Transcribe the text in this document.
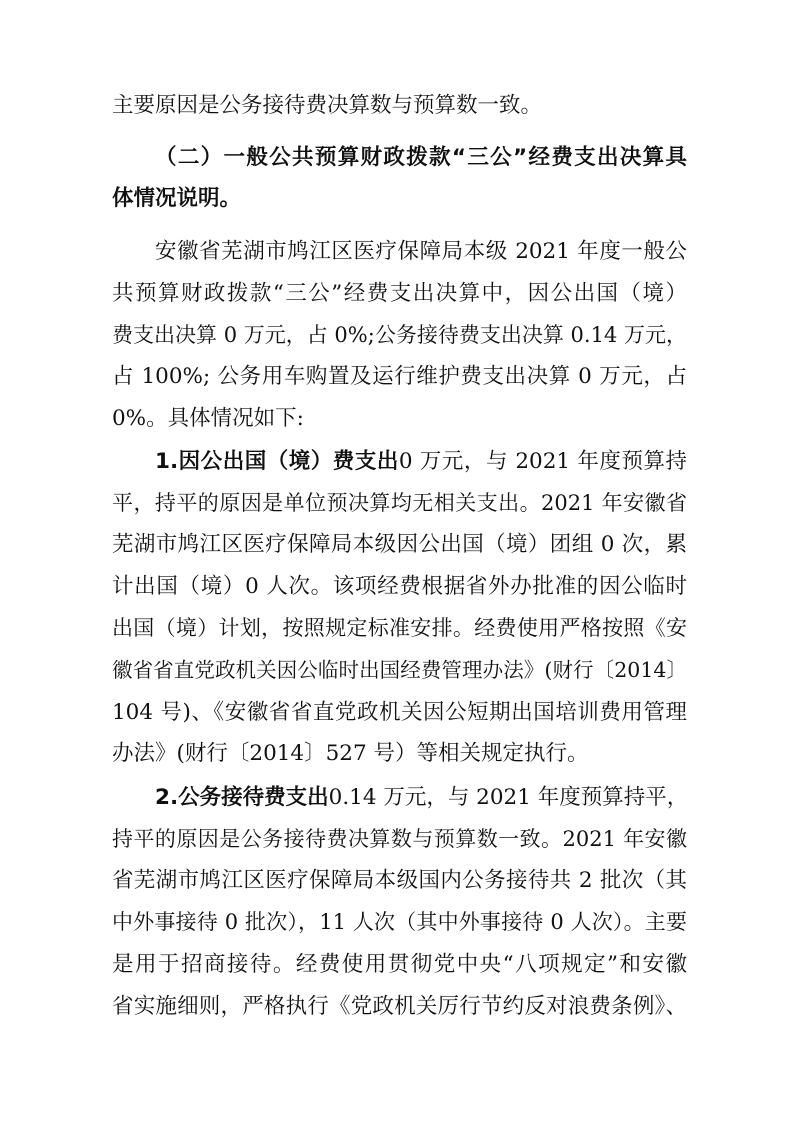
主要原因是公务接待费决算数与预算数一致。
（二）一般公共预算财政拨款“三公”经费支出决算具
体情况说明。
安徽省芜湖市鸠江区医疗保障局本级 2021 年度一般公
共预算财政拨款“三公”经费支出决算中，因公出国（境）
费支出决算 0 万元，占 0%;公务接待费支出决算 0.14 万元，
占 100%; 公务用车购置及运行维护费支出决算 0 万元，占
0%。具体情况如下:
1.因公出国（境）费支出0 万元，与 2021 年度预算持
平，持平的原因是单位预决算均无相关支出。2021 年安徽省
芜湖市鸠江区医疗保障局本级因公出国（境）团组 0 次，累
计出国（境）0 人次。该项经费根据省外办批准的因公临时
出国（境）计划，按照规定标准安排。经费使用严格按照《安
徽省省直党政机关因公临时出国经费管理办法》(财行〔2014〕
104 号)、《安徽省省直党政机关因公短期出国培训费用管理
办法》(财行〔2014〕527 号）等相关规定执行。
2.公务接待费支出0.14 万元，与 2021 年度预算持平，
持平的原因是公务接待费决算数与预算数一致。2021 年安徽
省芜湖市鸠江区医疗保障局本级国内公务接待共 2 批次（其
中外事接待 0 批次），11 人次（其中外事接待 0 人次）。主要
是用于招商接待。经费使用贯彻党中央“八项规定”和安徽
省实施细则，严格执行《党政机关厉行节约反对浪费条例》、
